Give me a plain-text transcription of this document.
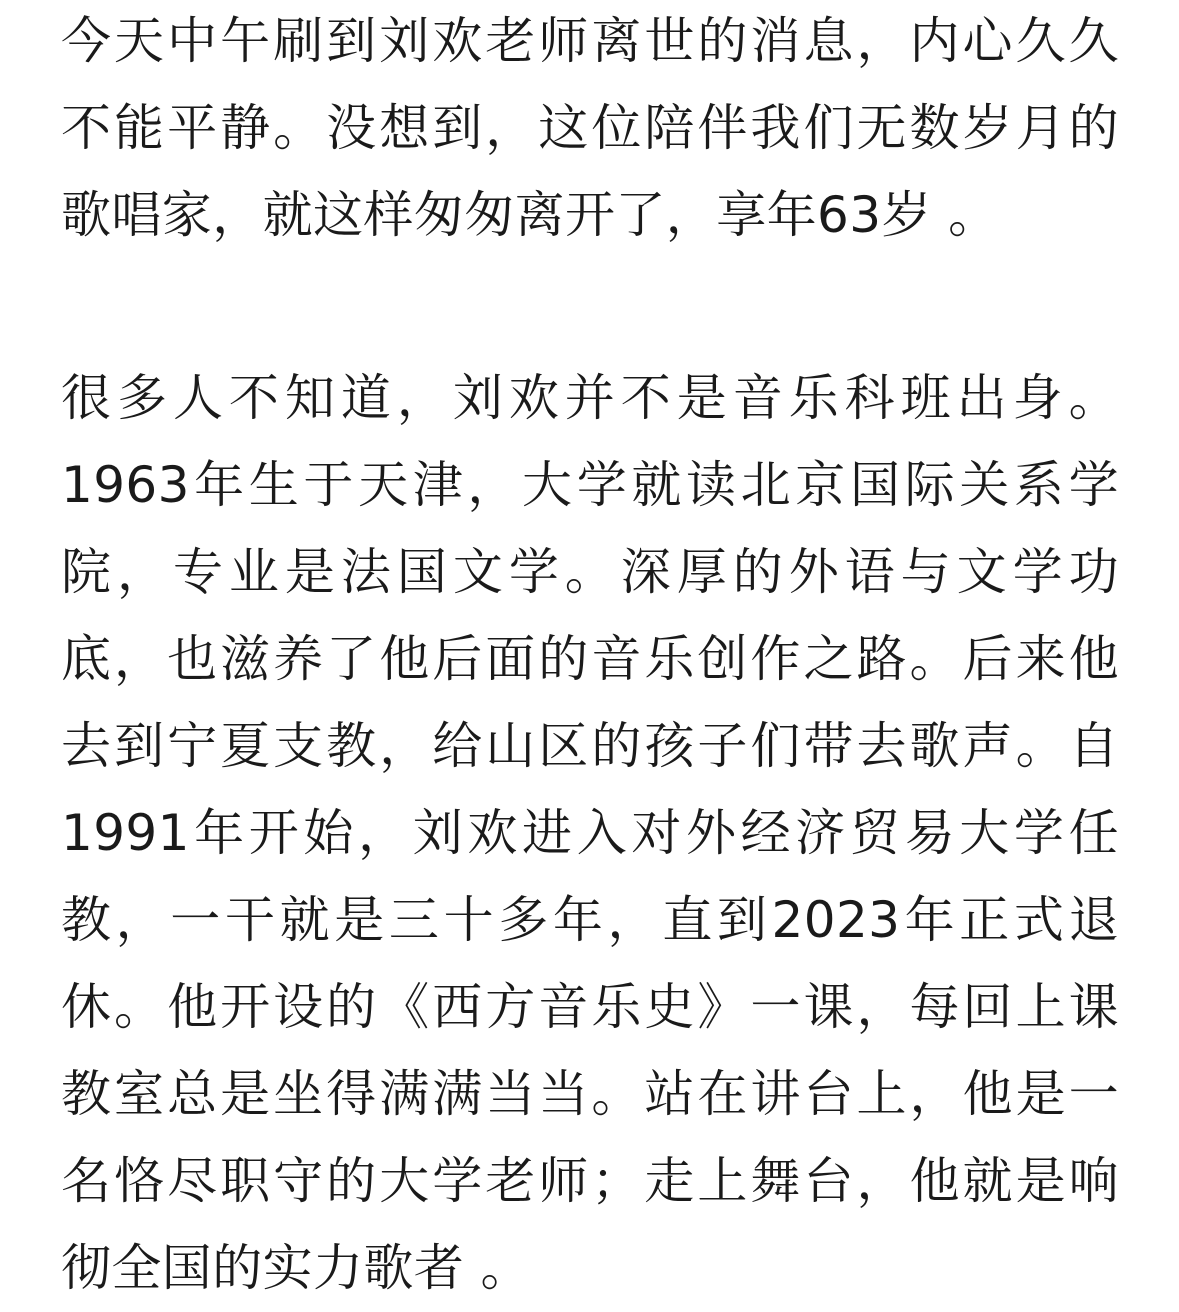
今天中午刷到刘欢老师离世的消息，内心久久不能平静。没想到，这位陪伴我们无数岁月的歌唱家，就这样匆匆离开了，享年63岁 。

很多人不知道，刘欢并不是音乐科班出身。1963年生于天津，大学就读北京国际关系学院，专业是法国文学。深厚的外语与文学功底，也滋养了他后面的音乐创作之路。后来他去到宁夏支教，给山区的孩子们带去歌声。自1991年开始，刘欢进入对外经济贸易大学任教，一干就是三十多年，直到2023年正式退休。他开设的《西方音乐史》一课，每回上课教室总是坐得满满当当。站在讲台上，他是一名恪尽职守的大学老师；走上舞台，他就是响彻全国的实力歌者 。
